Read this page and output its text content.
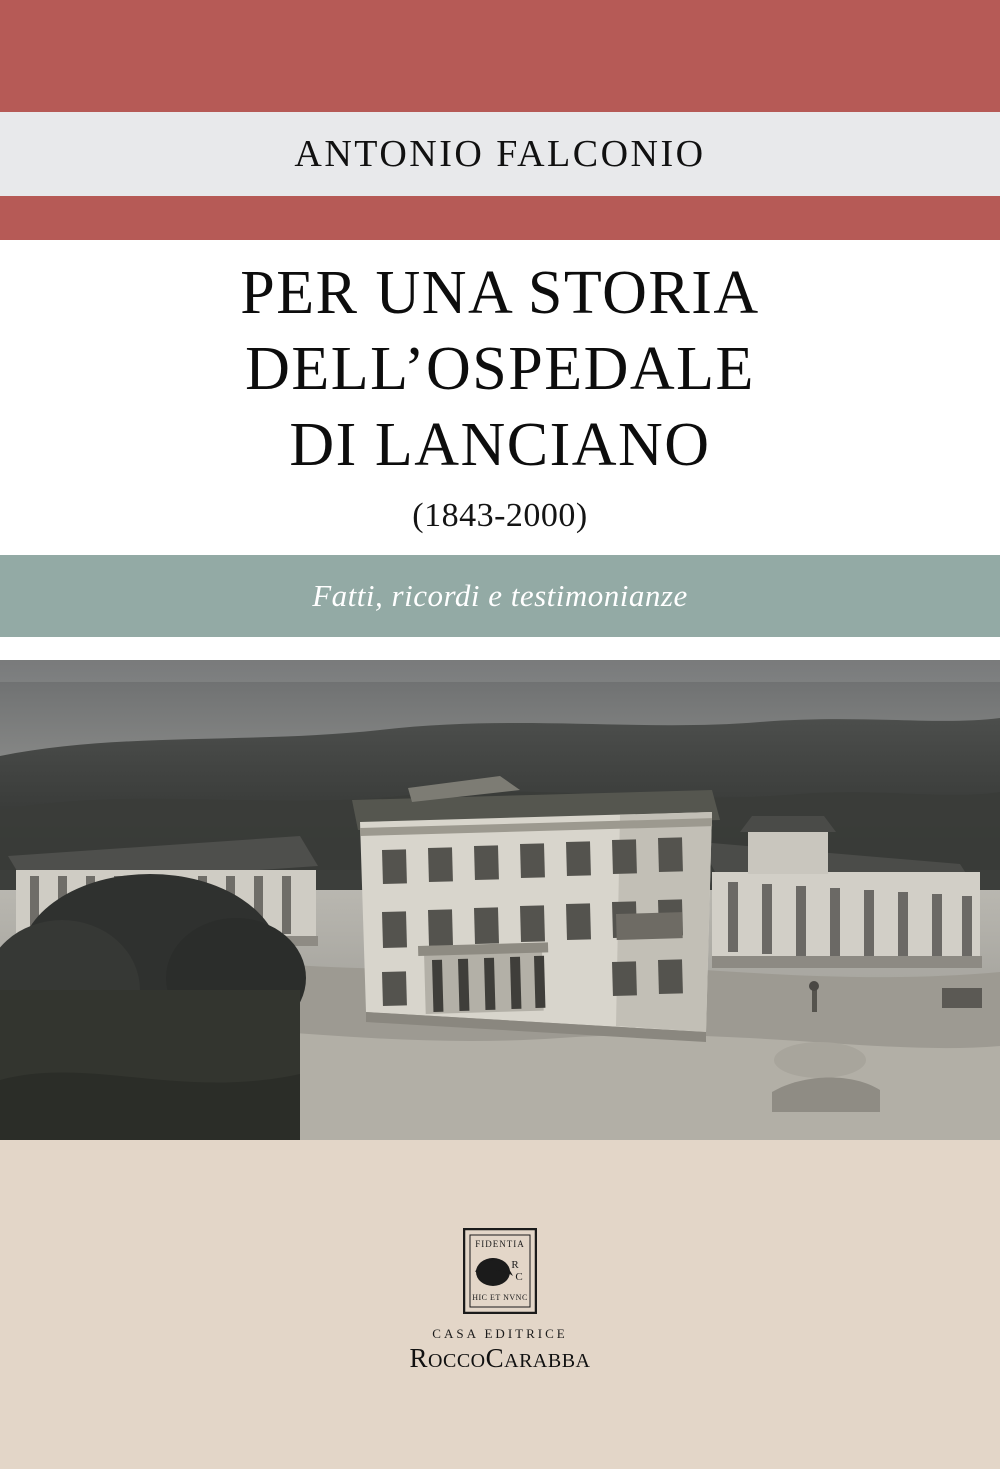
ANTONIO FALCONIO
PER UNA STORIA
DELL’OSPEDALE
DI LANCIANO
(1843-2000)
Fatti, ricordi e testimonianze
FIDENTIA
R
C
HIC ET NVNC
CASA EDITRICE
ROCCOCARABBA
